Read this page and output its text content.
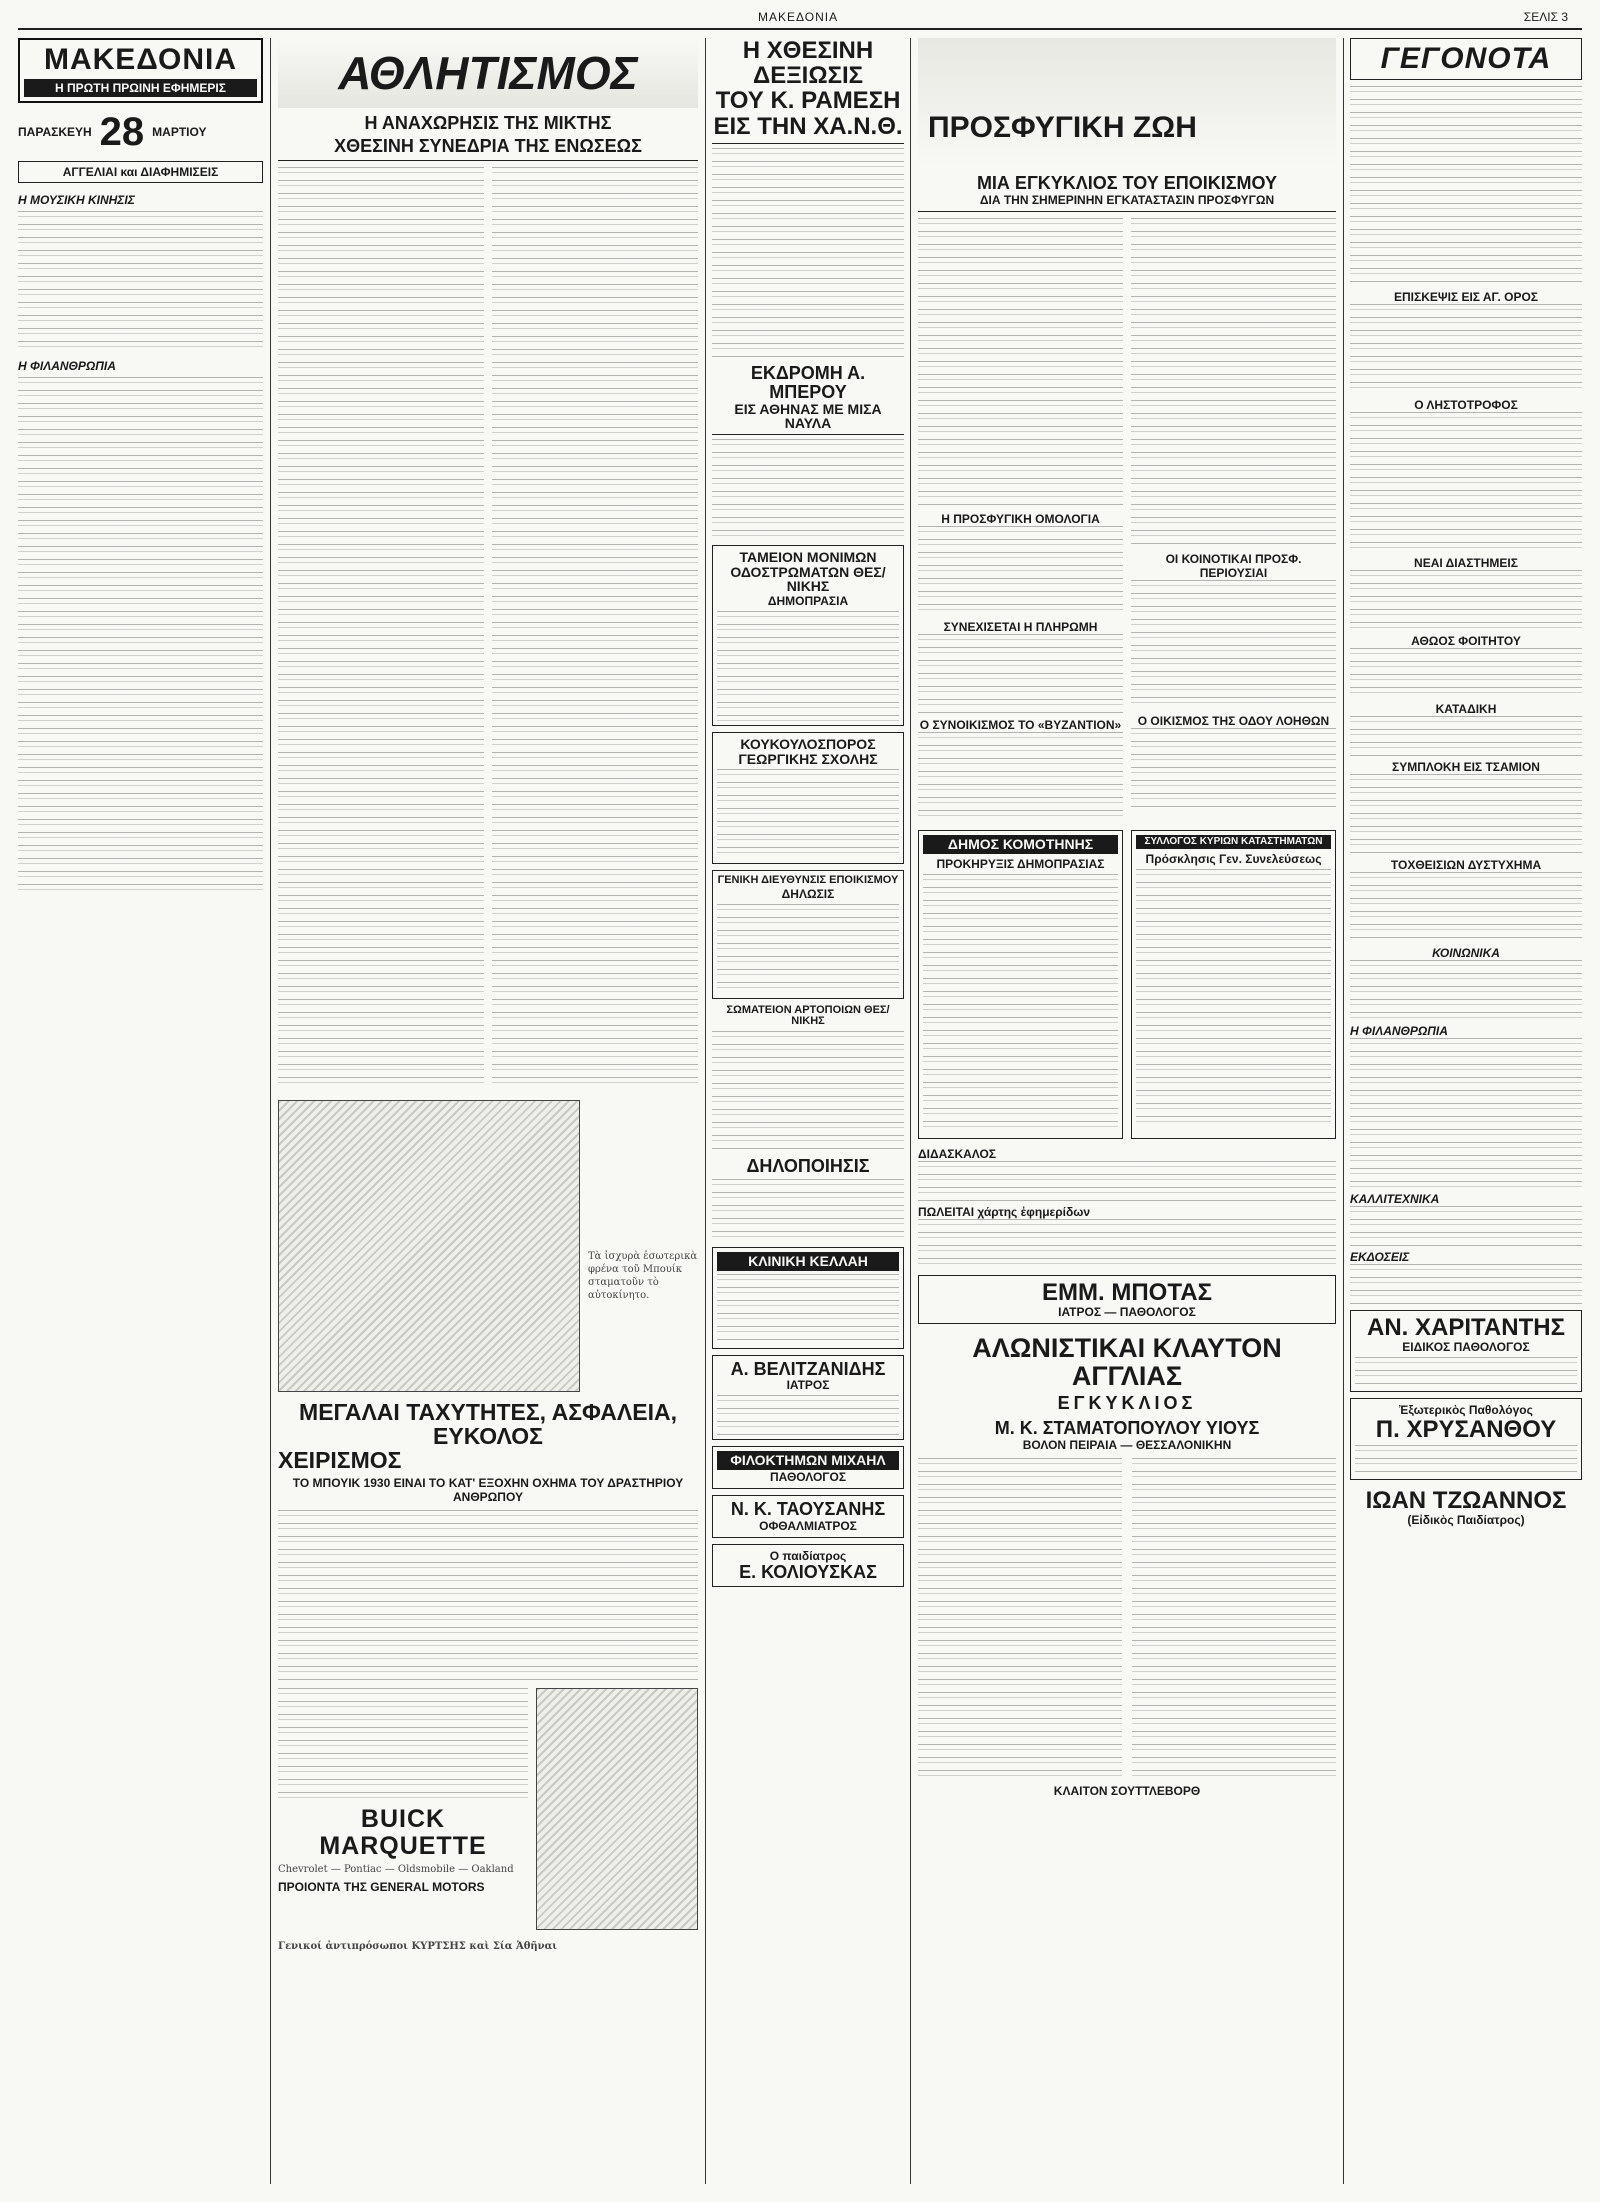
ΜΑΚΕΔΟΝΙΑ	ΣΕΛΙΣ 3
ΜΑΚΕΔΟΝΙΑ
Η ΠΡΩΤΗ ΠΡΩΙΝΗ ΕΦΗΜΕΡΙΣ
ΠΑΡΑΣΚΕΥΗ 28 ΜΑΡΤΙΟΥ
ΑΓΓΕΛΙΑΙ και ΔΙΑΦΗΜΙΣΕΙΣ
Η ΜΟΥΣΙΚΗ ΚΙΝΗΣΙΣ
Η ΦΙΛΑΝΘΡΩΠΙΑ
ΑΘΛΗΤΙΣΜΟΣ
Η ΑΝΑΧΩΡΗΣΙΣ ΤΗΣ ΜΙΚΤΗΣ
ΧΘΕΣΙΝΗ ΣΥΝΕΔΡΙΑ ΤΗΣ ΕΝΩΣΕΩΣ
Τὰ ἰσχυρὰ ἐσωτερικὰ φρένα τοῦ Μπουίκ σταματοῦν τὸ αὐτοκίνητο.
ΜΕΓΑΛΑΙ ΤΑΧΥΤΗΤΕΣ, ΑΣΦΑΛΕΙΑ, ΕΥΚΟΛΟΣ
ΧΕΙΡΙΣΜΟΣ
ΤΟ ΜΠΟΥΙΚ 1930 ΕΙΝΑΙ ΤΟ ΚΑΤ' ΕΞΟΧΗΝ ΟΧΗΜΑ ΤΟΥ ΔΡΑΣΤΗΡΙΟΥ ΑΝΘΡΩΠΟΥ
BUICK MARQUETTE
Chevrolet — Pontiac — Oldsmobile — Oakland
ΠΡΟΙΟΝΤΑ ΤΗΣ GENERAL MOTORS
Γενικοί ἀντιπρόσωποι ΚΥΡΤΣΗΣ καὶ Σία Ἀθῆναι
Η ΧΘΕΣΙΝΗ ΔΕΞΙΩΣΙΣ
ΤΟΥ Κ. ΡΑΜΕΣΗ
ΕΙΣ ΤΗΝ ΧΑ.Ν.Θ.
ΕΚΔΡΟΜΗ Α. ΜΠΕΡΟΥ
ΕΙΣ ΑΘΗΝΑΣ ΜΕ ΜΙΣΑ ΝΑΥΛΑ
ΤΑΜΕΙΟΝ ΜΟΝΙΜΩΝ
ΟΔΟΣΤΡΩΜΑΤΩΝ ΘΕΣ/ΝΙΚΗΣ
ΔΗΜΟΠΡΑΣΙΑ
ΚΟΥΚΟΥΛΟΣΠΟΡΟΣ
ΓΕΩΡΓΙΚΗΣ ΣΧΟΛΗΣ
ΓΕΝΙΚΗ ΔΙΕΥΘΥΝΣΙΣ ΕΠΟΙΚΙΣΜΟΥ
ΔΗΛΩΣΙΣ
ΣΩΜΑΤΕΙΟΝ ΑΡΤΟΠΟΙΩΝ ΘΕΣ/ΝΙΚΗΣ
ΔΗΛΟΠΟΙΗΣΙΣ
ΚΛΙΝΙΚΗ ΚΕΛΛΑΗ
Α. ΒΕΛΙΤΖΑΝΙΔΗΣ
ΙΑΤΡΟΣ
ΦΙΛΟΚΤΗΜΩΝ ΜΙΧΑΗΛ
ΠΑΘΟΛΟΓΟΣ
Ν. Κ. ΤΑΟΥΣΑΝΗΣ
ΟΦΘΑΛΜΙΑΤΡΟΣ
Ο παιδίατρος
Ε. ΚΟΛΙΟΥΣΚΑΣ
ΠΡΟΣΦΥΓΙΚΗ ΖΩΗ
ΜΙΑ ΕΓΚΥΚΛΙΟΣ ΤΟΥ ΕΠΟΙΚΙΣΜΟΥ
ΔΙΑ ΤΗΝ ΣΗΜΕΡΙΝΗΝ ΕΓΚΑΤΑΣΤΑΣΙΝ ΠΡΟΣΦΥΓΩΝ
Η ΠΡΟΣΦΥΓΙΚΗ ΟΜΟΛΟΓΙΑ
ΣΥΝΕΧΙΣΕΤΑΙ Η ΠΛΗΡΩΜΗ
Ο ΣΥΝΟΙΚΙΣΜΟΣ ΤΟ «ΒΥΖΑΝΤΙΟΝ»
ΟΙ ΚΟΙΝΟΤΙΚΑΙ ΠΡΟΣΦ. ΠΕΡΙΟΥΣΙΑΙ
Ο ΟΙΚΙΣΜΟΣ ΤΗΣ ΟΔΟΥ ΛΟΗΘΩΝ
ΔΗΜΟΣ ΚΟΜΟΤΗΝΗΣ
ΠΡΟΚΗΡΥΞΙΣ ΔΗΜΟΠΡΑΣΙΑΣ
ΣΥΛΛΟΓΟΣ ΚΥΡΙΩΝ ΚΑΤΑΣΤΗΜΑΤΩΝ
Πρόσκλησις Γεν. Συνελεύσεως
ΔΙΔΑΣΚΑΛΟΣ
ΠΩΛΕΙΤΑΙ χάρτης ἐφημερίδων
ΕΜΜ. ΜΠΟΤΑΣ
ΙΑΤΡΟΣ — ΠΑΘΟΛΟΓΟΣ
ΑΛΩΝΙΣΤΙΚΑΙ ΚΛΑΥΤΟΝ ΑΓΓΛΙΑΣ
ΕΓΚΥΚΛΙΟΣ
Μ. Κ. ΣΤΑΜΑΤΟΠΟΥΛΟΥ ΥΙΟΥΣ
ΒΟΛΟΝ ΠΕΙΡΑΙΑ — ΘΕΣΣΑΛΟΝΙΚΗΝ
ΚΛΑΙΤΟΝ ΣΟΥΤΤΛΕΒΟΡΘ
ΓΕΓΟΝΟΤΑ
ΕΠΙΣΚΕΨΙΣ ΕΙΣ ΑΓ. ΟΡΟΣ
Ο ΛΗΣΤΟΤΡΟΦΟΣ
ΝΕΑΙ ΔΙΑΣΤΗΜΕΙΣ
ΑΘΩΟΣ ΦΟΙΤΗΤΟΥ
ΚΑΤΑΔΙΚΗ
ΣΥΜΠΛΟΚΗ ΕΙΣ ΤΣΑΜΙΟΝ
ΤΟΧΘΕΙΣΙΩΝ ΔΥΣΤΥΧΗΜΑ
ΚΟΙΝΩΝΙΚΑ
Η ΦΙΛΑΝΘΡΩΠΙΑ
ΚΑΛΛΙΤΕΧΝΙΚΑ
ΕΚΔΟΣΕΙΣ
ΑΝ. ΧΑΡΙΤΑΝΤΗΣ
ΕΙΔΙΚΟΣ ΠΑΘΟΛΟΓΟΣ
Ἐξωτερικὸς Παθολόγος
Π. ΧΡΥΣΑΝΘΟΥ
ΙΩΑΝ ΤΖΩΑΝΝΟΣ
(Εἰδικὸς Παιδίατρος)
